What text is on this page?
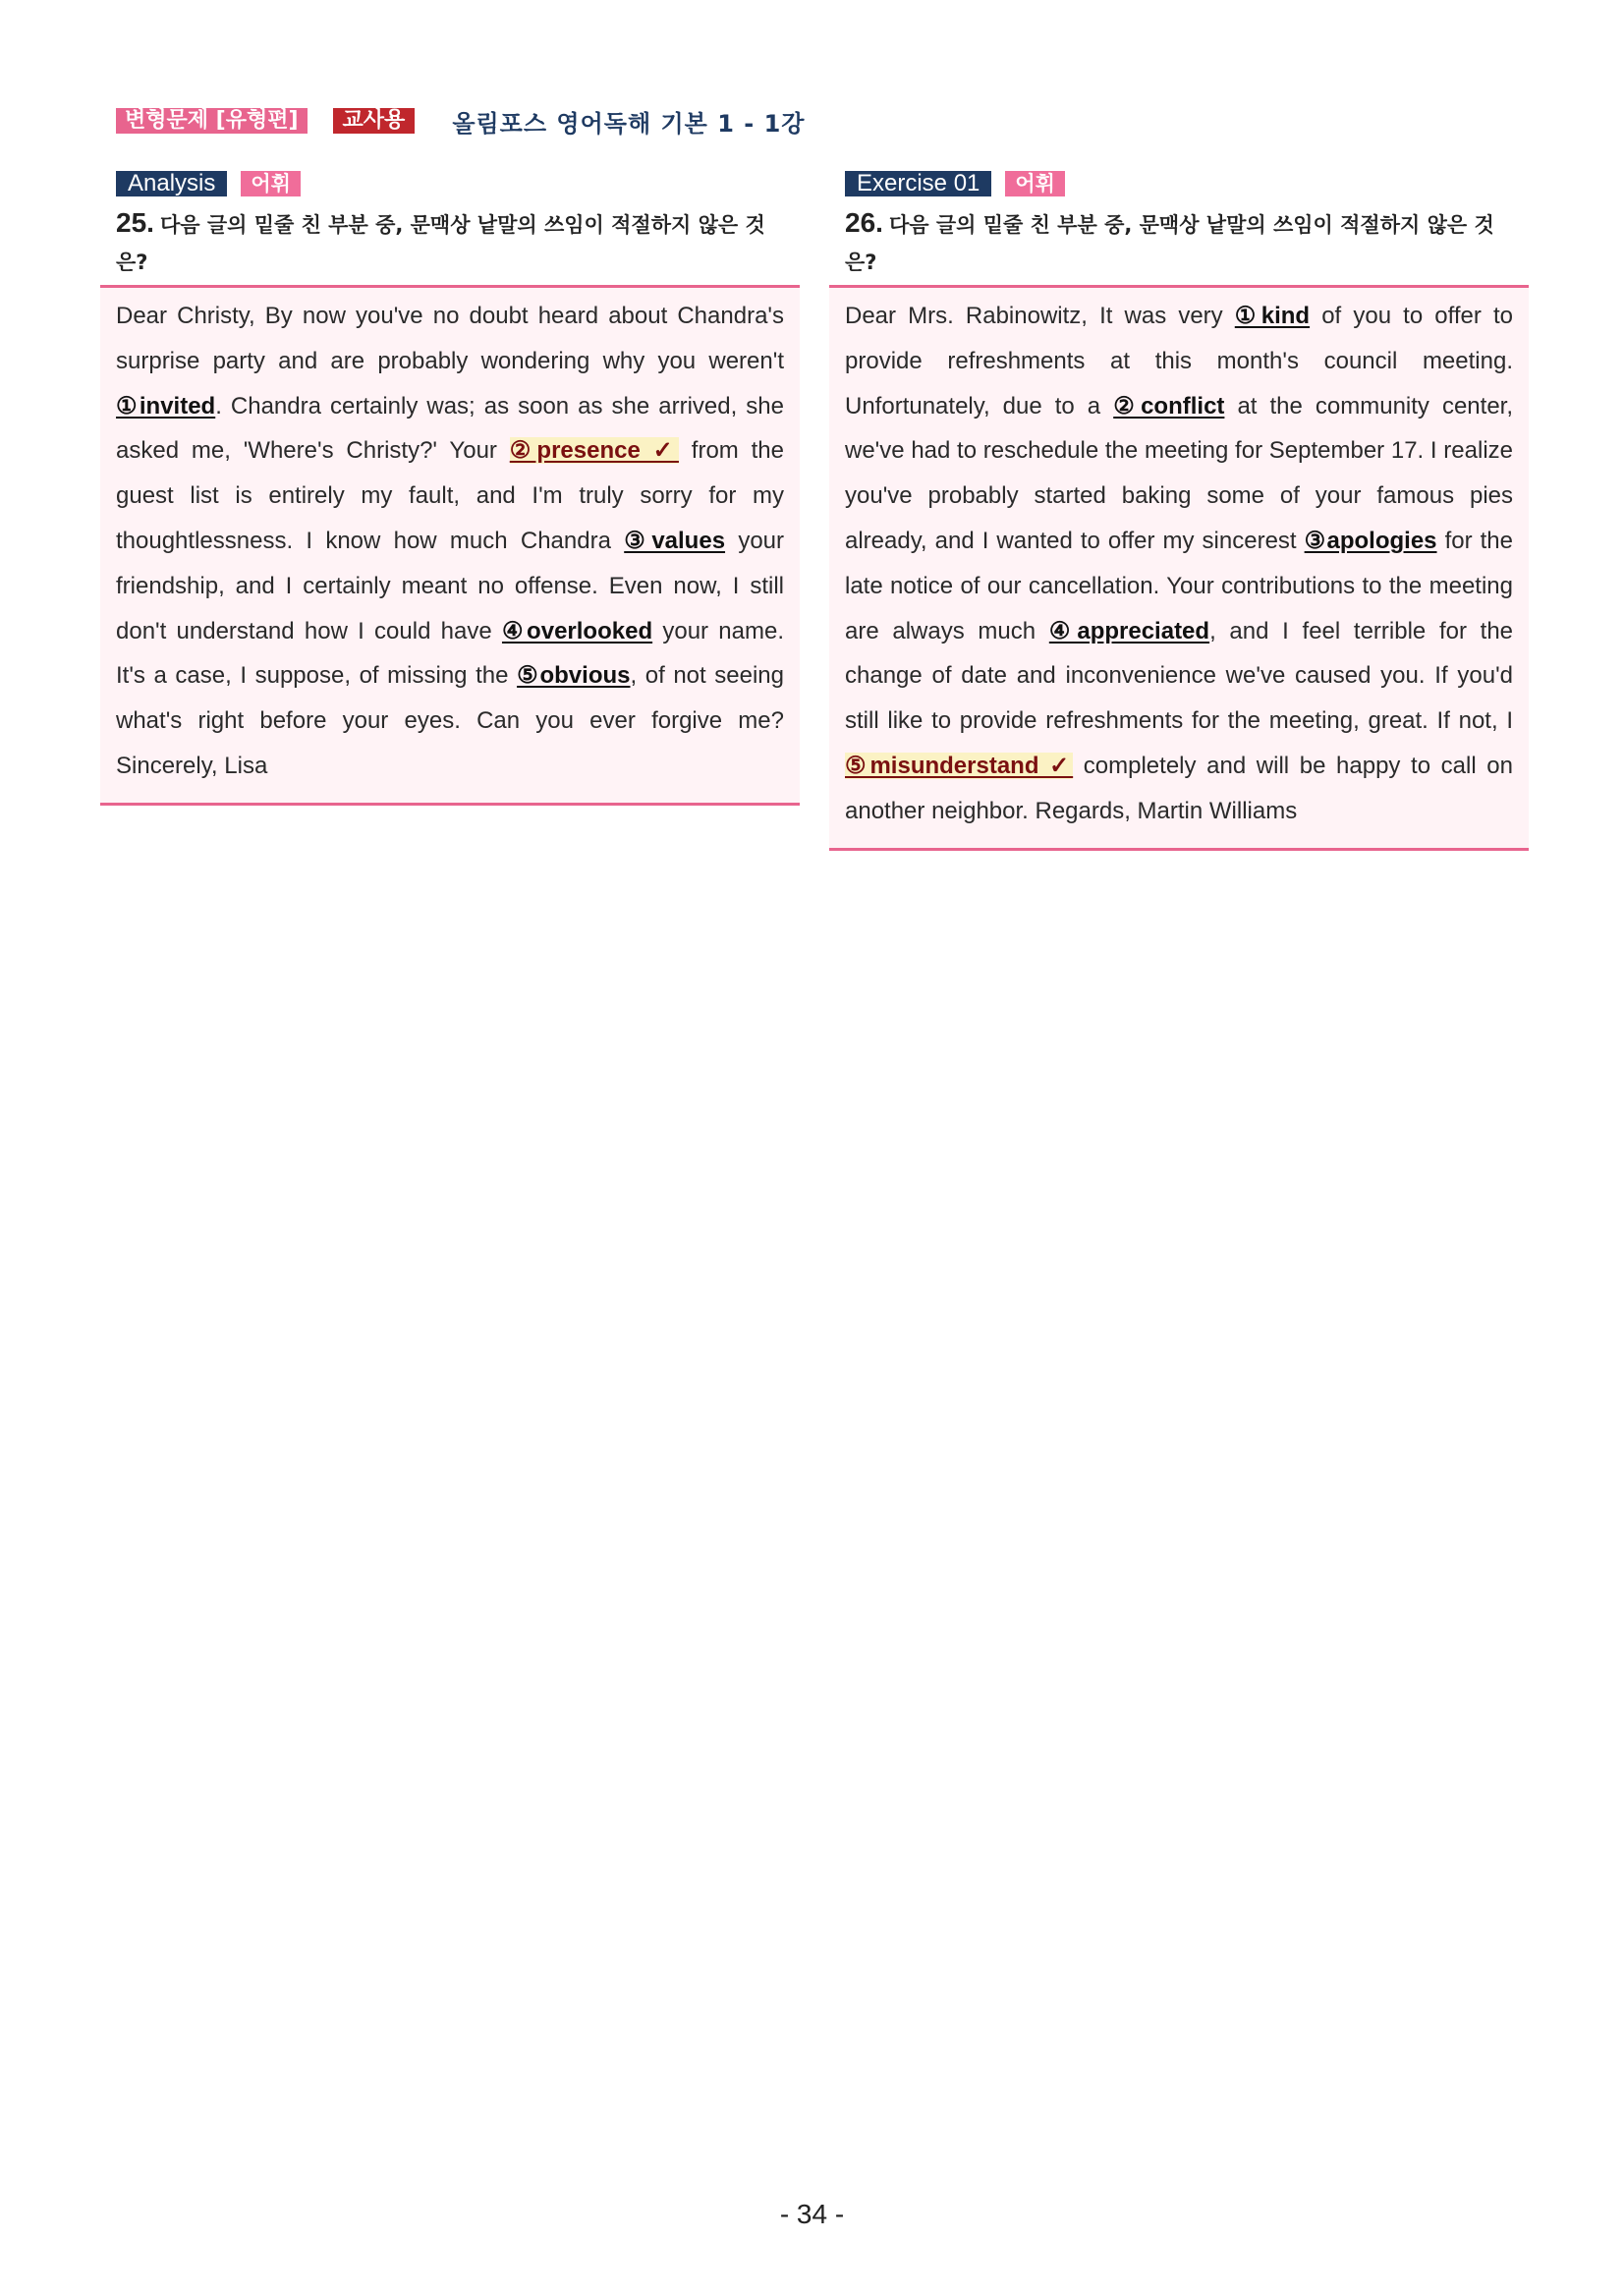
변형문제 [유형편]	교사용	올림포스 영어독해 기본 1 - 1강
Analysis	어휘
25. 다음 글의 밑줄 친 부분 중, 문맥상 낱말의 쓰임이 적절하지 않은 것은?
Dear Christy, By now you've no doubt heard about Chandra's surprise party and are probably wondering why you weren't ①invited. Chandra certainly was; as soon as she arrived, she asked me, 'Where's Christy?' Your ②presence ✓ from the guest list is entirely my fault, and I'm truly sorry for my thoughtlessness. I know how much Chandra ③values your friendship, and I certainly meant no offense. Even now, I still don't understand how I could have ④overlooked your name. It's a case, I suppose, of missing the ⑤obvious, of not seeing what's right before your eyes. Can you ever forgive me? Sincerely, Lisa
Exercise 01	어휘
26. 다음 글의 밑줄 친 부분 중, 문맥상 낱말의 쓰임이 적절하지 않은 것은?
Dear Mrs. Rabinowitz, It was very ①kind of you to offer to provide refreshments at this month's council meeting. Unfortunately, due to a ②conflict at the community center, we've had to reschedule the meeting for September 17. I realize you've probably started baking some of your famous pies already, and I wanted to offer my sincerest ③apologies for the late notice of our cancellation. Your contributions to the meeting are always much ④appreciated, and I feel terrible for the change of date and inconvenience we've caused you. If you'd still like to provide refreshments for the meeting, great. If not, I ⑤misunderstand ✓ completely and will be happy to call on another neighbor. Regards, Martin Williams
- 34 -
